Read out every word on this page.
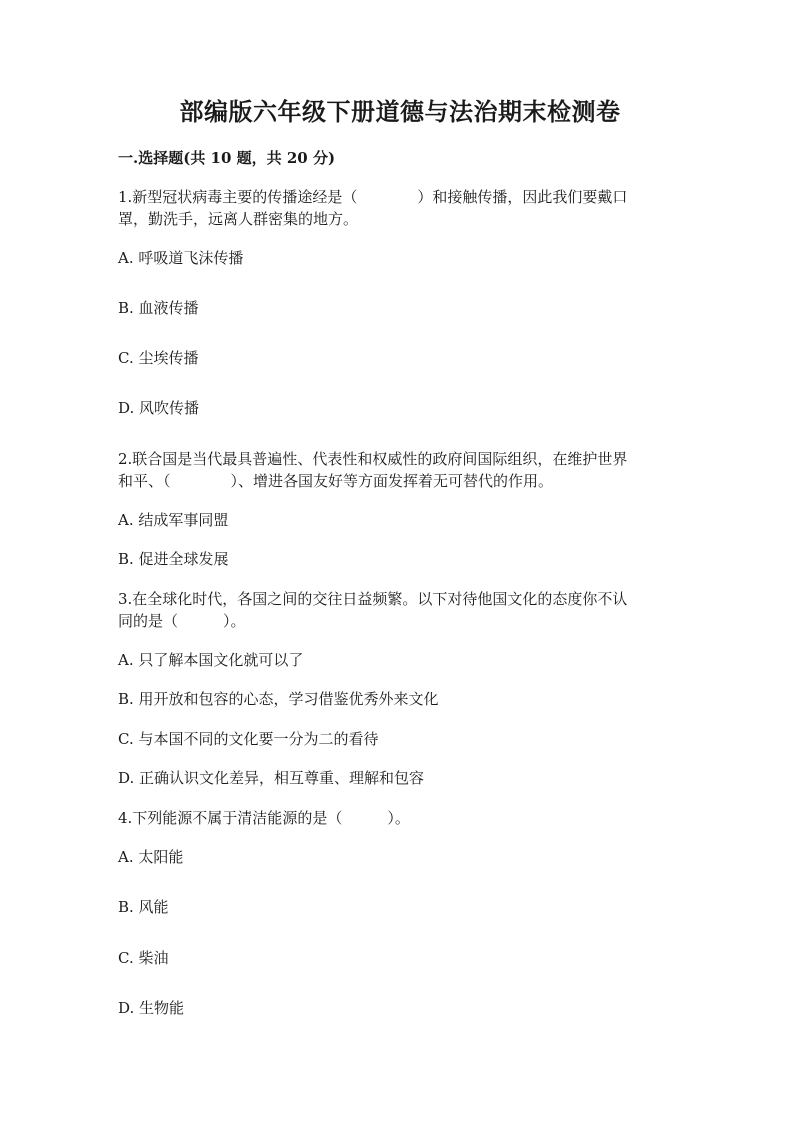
部编版六年级下册道德与法治期末检测卷
一.选择题(共 10 题，共 20 分)
1.新型冠状病毒主要的传播途经是（　　　　）和接触传播，因此我们要戴口
罩，勤洗手，远离人群密集的地方。
A. 呼吸道飞沫传播
B. 血液传播
C. 尘埃传播
D. 风吹传播
2.联合国是当代最具普遍性、代表性和权威性的政府间国际组织，在维护世界
和平、（　　　　）、增进各国友好等方面发挥着无可替代的作用。
A. 结成军事同盟
B. 促进全球发展
3.在全球化时代，各国之间的交往日益频繁。以下对待他国文化的态度你不认
同的是（　　　）。
A. 只了解本国文化就可以了
B. 用开放和包容的心态，学习借鉴优秀外来文化
C. 与本国不同的文化要一分为二的看待
D. 正确认识文化差异，相互尊重、理解和包容
4.下列能源不属于清洁能源的是（　　　）。
A. 太阳能
B. 风能
C. 柴油
D. 生物能
